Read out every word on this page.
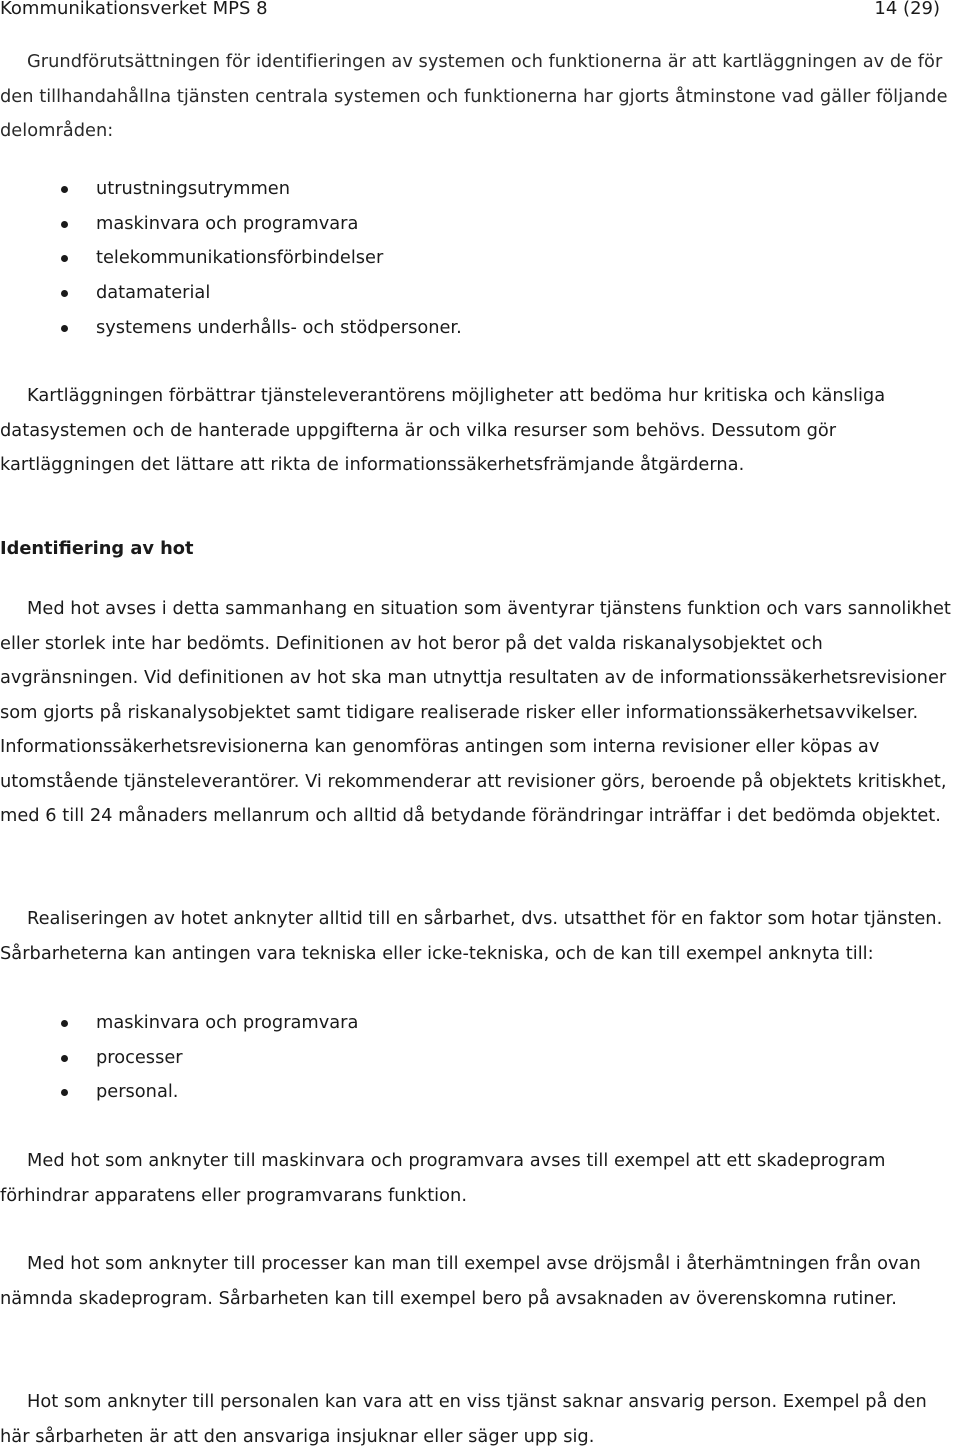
Kommunikationsverket MPS 8	14 (29)

Grundförutsättningen för identifieringen av systemen och funktionerna är att kartläggningen av de för den tillhandahållna tjänsten centrala systemen och funktionerna har gjorts åtminstone vad gäller följande delområden:

utrustningsutrymmen
maskinvara och programvara
telekommunikationsförbindelser
datamaterial
systemens underhålls- och stödpersoner.

Kartläggningen förbättrar tjänsteleverantörens möjligheter att bedöma hur kritiska och känsliga datasystemen och de hanterade uppgifterna är och vilka resurser som behövs. Dessutom gör kartläggningen det lättare att rikta de informationssäkerhetsfrämjande åtgärderna.

Identifiering av hot

Med hot avses i detta sammanhang en situation som äventyrar tjänstens funktion och vars sannolikhet eller storlek inte har bedömts. Definitionen av hot beror på det valda riskanalysobjektet och avgränsningen. Vid definitionen av hot ska man utnyttja resultaten av de informationssäkerhetsrevisioner som gjorts på riskanalysobjektet samt tidigare realiserade risker eller informationssäkerhetsavvikelser. Informationssäkerhetsrevisionerna kan genomföras antingen som interna revisioner eller köpas av utomstående tjänsteleverantörer. Vi rekommenderar att revisioner görs, beroende på objektets kritiskhet, med 6 till 24 månaders mellanrum och alltid då betydande förändringar inträffar i det bedömda objektet.

Realiseringen av hotet anknyter alltid till en sårbarhet, dvs. utsatthet för en faktor som hotar tjänsten. Sårbarheterna kan antingen vara tekniska eller icke-tekniska, och de kan till exempel anknyta till:

maskinvara och programvara
processer
personal.

Med hot som anknyter till maskinvara och programvara avses till exempel att ett skadeprogram förhindrar apparatens eller programvarans funktion.

Med hot som anknyter till processer kan man till exempel avse dröjsmål i återhämtningen från ovan nämnda skadeprogram. Sårbarheten kan till exempel bero på avsaknaden av överenskomna rutiner.

Hot som anknyter till personalen kan vara att en viss tjänst saknar ansvarig person. Exempel på den här sårbarheten är att den ansvariga insjuknar eller säger upp sig.
